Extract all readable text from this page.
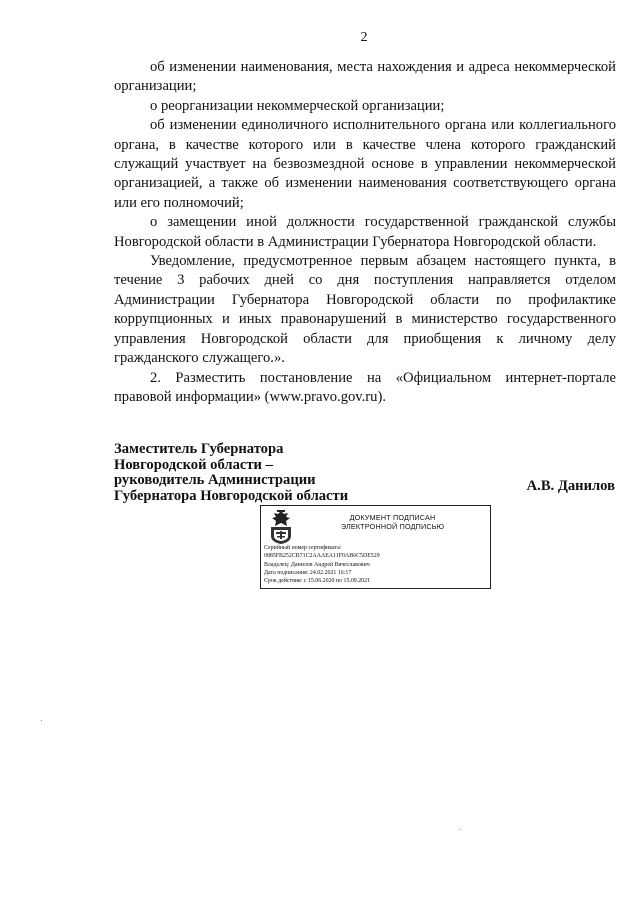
2

об изменении наименования, места нахождения и адреса некоммерческой организации;

о реорганизации некоммерческой организации;

об изменении единоличного исполнительного органа или коллегиального органа, в качестве которого или в качестве члена которого гражданский служащий участвует на безвозмездной основе в управлении некоммерческой организацией, а также об изменении наименования соответствующего органа или его полномочий;

о замещении иной должности государственной гражданской службы Новгородской области в Администрации Губернатора Новгородской области.

Уведомление, предусмотренное первым абзацем настоящего пункта, в течение 3 рабочих дней со дня поступления направляется отделом Администрации Губернатора Новгородской области по профилактике коррупционных и иных правонарушений в министерство государственного управления Новгородской области для приобщения к личному делу гражданского служащего.».

2. Разместить постановление на «Официальном интернет-портале правовой информации» (www.pravo.gov.ru).

Заместитель Губернатора
Новгородской области –
руководитель Администрации
Губернатора Новгородской области
А.В. Данилов
ДОКУМЕНТ ПОДПИСАН
ЭЛЕКТРОННОЙ ПОДПИСЬЮ
Серийный номер сертификата:
0885FB252CB71C2AAAEA11F0AB6C5DE529
Владелец: Данилов Андрей Вячеславович
Дата подписания: 24.02.2021 16:17
Срок действия: с 15.06.2020 по 15.09.2021
